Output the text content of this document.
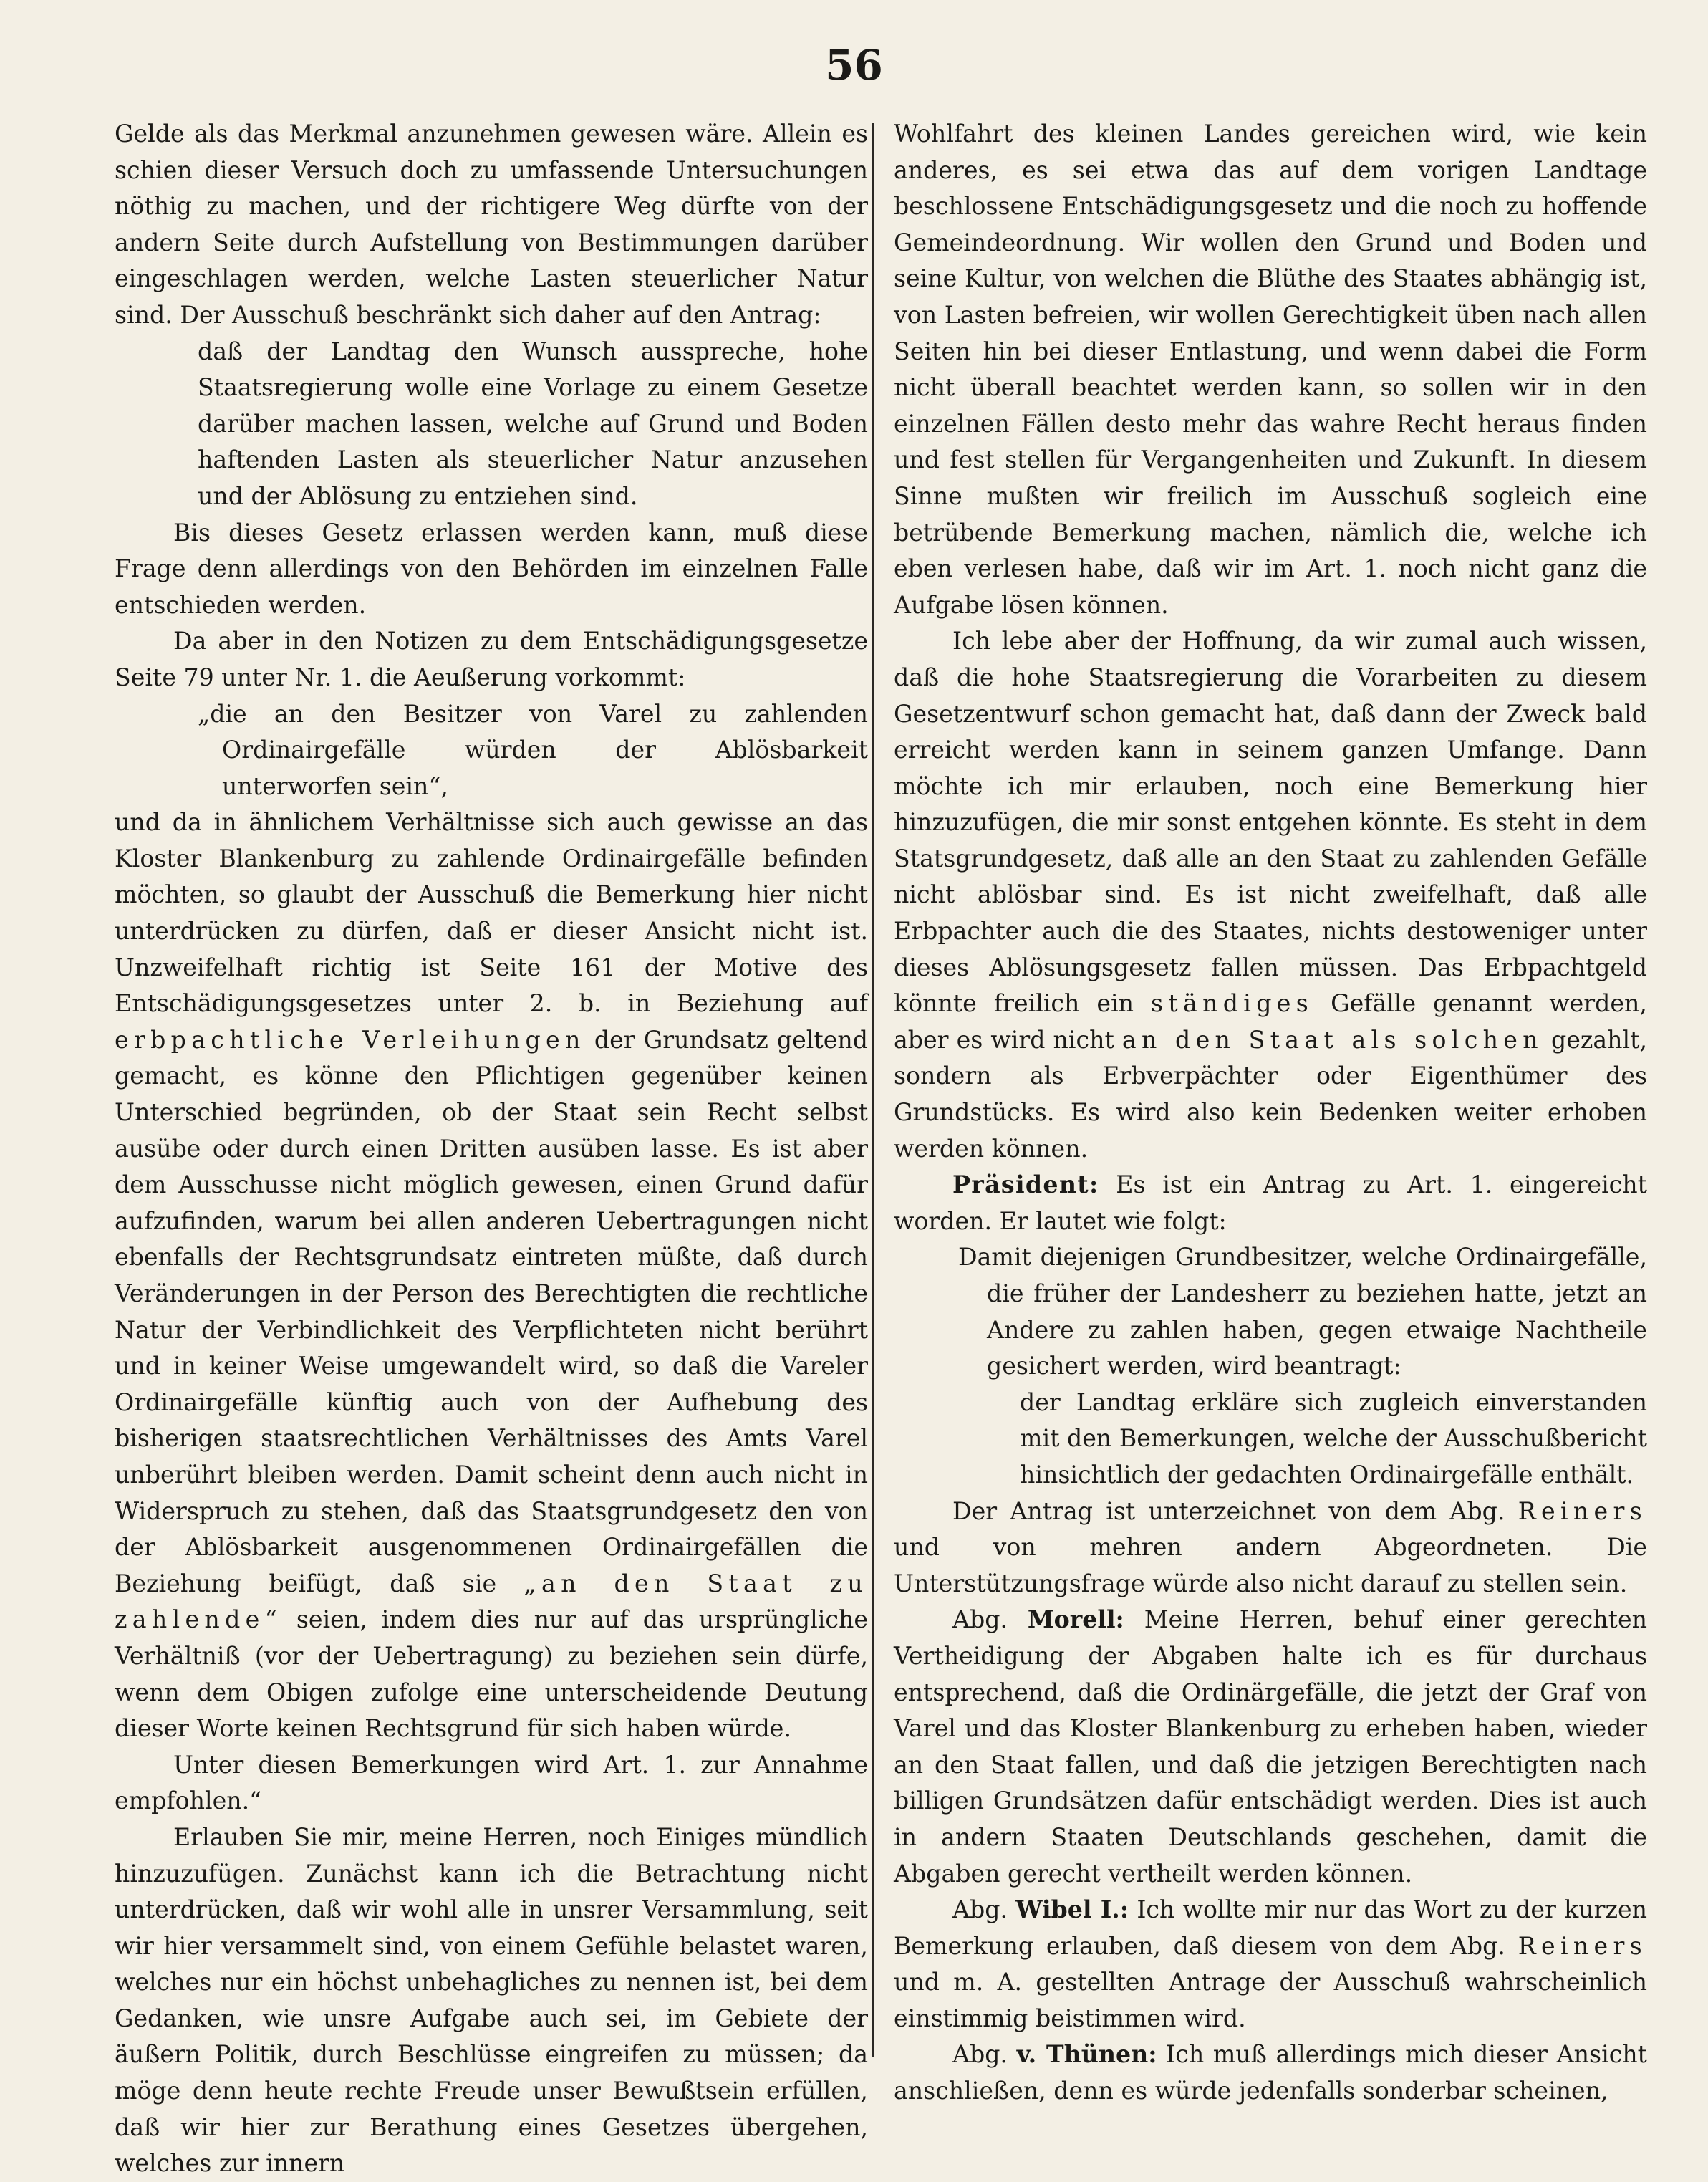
56

Gelde als das Merkmal anzunehmen gewesen wäre. Allein es schien dieser Versuch doch zu umfassende Untersuchungen nöthig zu machen, und der richtigere Weg dürfte von der andern Seite durch Aufstellung von Bestimmungen darüber eingeschlagen werden, welche Lasten steuerlicher Natur sind. Der Ausschuß beschränkt sich daher auf den Antrag:

daß der Landtag den Wunsch ausspreche, hohe Staatsregierung wolle eine Vorlage zu einem Gesetze darüber machen lassen, welche auf Grund und Boden haftenden Lasten als steuerlicher Natur anzusehen und der Ablösung zu entziehen sind.

Bis dieses Gesetz erlassen werden kann, muß diese Frage denn allerdings von den Behörden im einzelnen Falle entschieden werden.

Da aber in den Notizen zu dem Entschädigungsgesetze Seite 79 unter Nr. 1. die Aeußerung vorkommt:

„die an den Besitzer von Varel zu zahlenden Ordinairgefälle würden der Ablösbarkeit unterworfen sein“,

und da in ähnlichem Verhältnisse sich auch gewisse an das Kloster Blankenburg zu zahlende Ordinairgefälle befinden möchten, so glaubt der Ausschuß die Bemerkung hier nicht unterdrücken zu dürfen, daß er dieser Ansicht nicht ist. Unzweifelhaft richtig ist Seite 161 der Motive des Entschädigungsgesetzes unter 2. b. in Beziehung auf erbpachtliche Verleihungen der Grundsatz geltend gemacht, es könne den Pflichtigen gegenüber keinen Unterschied begründen, ob der Staat sein Recht selbst ausübe oder durch einen Dritten ausüben lasse. Es ist aber dem Ausschusse nicht möglich gewesen, einen Grund dafür aufzufinden, warum bei allen anderen Uebertragungen nicht ebenfalls der Rechtsgrundsatz eintreten müßte, daß durch Veränderungen in der Person des Berechtigten die rechtliche Natur der Verbindlichkeit des Verpflichteten nicht berührt und in keiner Weise umgewandelt wird, so daß die Vareler Ordinairgefälle künftig auch von der Aufhebung des bisherigen staatsrechtlichen Verhältnisses des Amts Varel unberührt bleiben werden. Damit scheint denn auch nicht in Widerspruch zu stehen, daß das Staatsgrundgesetz den von der Ablösbarkeit ausgenommenen Ordinairgefällen die Beziehung beifügt, daß sie „an den Staat zu zahlende“ seien, indem dies nur auf das ursprüngliche Verhältniß (vor der Uebertragung) zu beziehen sein dürfe, wenn dem Obigen zufolge eine unterscheidende Deutung dieser Worte keinen Rechtsgrund für sich haben würde.

Unter diesen Bemerkungen wird Art. 1. zur Annahme empfohlen.“

Erlauben Sie mir, meine Herren, noch Einiges mündlich hinzuzufügen. Zunächst kann ich die Betrachtung nicht unterdrücken, daß wir wohl alle in unsrer Versammlung, seit wir hier versammelt sind, von einem Gefühle belastet waren, welches nur ein höchst unbehagliches zu nennen ist, bei dem Gedanken, wie unsre Aufgabe auch sei, im Gebiete der äußern Politik, durch Beschlüsse eingreifen zu müssen; da möge denn heute rechte Freude unser Bewußtsein erfüllen, daß wir hier zur Berathung eines Gesetzes übergehen, welches zur innern

Wohlfahrt des kleinen Landes gereichen wird, wie kein anderes, es sei etwa das auf dem vorigen Landtage beschlossene Entschädigungsgesetz und die noch zu hoffende Gemeindeordnung. Wir wollen den Grund und Boden und seine Kultur, von welchen die Blüthe des Staates abhängig ist, von Lasten befreien, wir wollen Gerechtigkeit üben nach allen Seiten hin bei dieser Entlastung, und wenn dabei die Form nicht überall beachtet werden kann, so sollen wir in den einzelnen Fällen desto mehr das wahre Recht heraus finden und fest stellen für Vergangenheiten und Zukunft. In diesem Sinne mußten wir freilich im Ausschuß sogleich eine betrübende Bemerkung machen, nämlich die, welche ich eben verlesen habe, daß wir im Art. 1. noch nicht ganz die Aufgabe lösen können.

Ich lebe aber der Hoffnung, da wir zumal auch wissen, daß die hohe Staatsregierung die Vorarbeiten zu diesem Gesetzentwurf schon gemacht hat, daß dann der Zweck bald erreicht werden kann in seinem ganzen Umfange. Dann möchte ich mir erlauben, noch eine Bemerkung hier hinzuzufügen, die mir sonst entgehen könnte. Es steht in dem Statsgrundgesetz, daß alle an den Staat zu zahlenden Gefälle nicht ablösbar sind. Es ist nicht zweifelhaft, daß alle Erbpachter auch die des Staates, nichts destoweniger unter dieses Ablösungsgesetz fallen müssen. Das Erbpachtgeld könnte freilich ein ständiges Gefälle genannt werden, aber es wird nicht an den Staat als solchen gezahlt, sondern als Erbverpächter oder Eigenthümer des Grundstücks. Es wird also kein Bedenken weiter erhoben werden können.

Präsident: Es ist ein Antrag zu Art. 1. eingereicht worden. Er lautet wie folgt:

Damit diejenigen Grundbesitzer, welche Ordinairgefälle, die früher der Landesherr zu beziehen hatte, jetzt an Andere zu zahlen haben, gegen etwaige Nachtheile gesichert werden, wird beantragt:

der Landtag erkläre sich zugleich einverstanden mit den Bemerkungen, welche der Ausschußbericht hinsichtlich der gedachten Ordinairgefälle enthält.

Der Antrag ist unterzeichnet von dem Abg. Reiners und von mehren andern Abgeordneten. Die Unterstützungsfrage würde also nicht darauf zu stellen sein.

Abg. Morell: Meine Herren, behuf einer gerechten Vertheidigung der Abgaben halte ich es für durchaus entsprechend, daß die Ordinärgefälle, die jetzt der Graf von Varel und das Kloster Blankenburg zu erheben haben, wieder an den Staat fallen, und daß die jetzigen Berechtigten nach billigen Grundsätzen dafür entschädigt werden. Dies ist auch in andern Staaten Deutschlands geschehen, damit die Abgaben gerecht vertheilt werden können.

Abg. Wibel I.: Ich wollte mir nur das Wort zu der kurzen Bemerkung erlauben, daß diesem von dem Abg. Reiners und m. A. gestellten Antrage der Ausschuß wahrscheinlich einstimmig beistimmen wird.

Abg. v. Thünen: Ich muß allerdings mich dieser Ansicht anschließen, denn es würde jedenfalls sonderbar scheinen,
